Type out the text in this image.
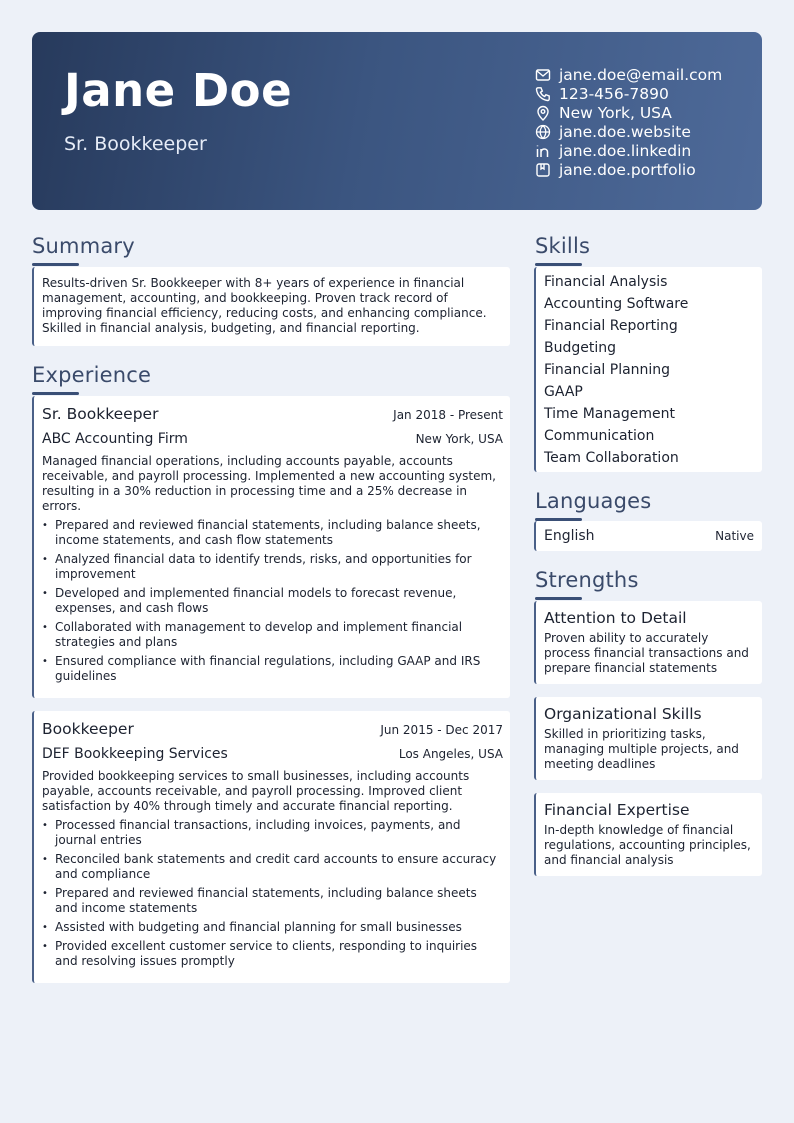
Jane Doe
Sr. Bookkeeper
jane.doe@email.com
123-456-7890
New York, USA
jane.doe.website
jane.doe.linkedin
jane.doe.portfolio
Summary
Results-driven Sr. Bookkeeper with 8+ years of experience in financial management, accounting, and bookkeeping. Proven track record of improving financial efficiency, reducing costs, and enhancing compliance. Skilled in financial analysis, budgeting, and financial reporting.
Experience
Sr. Bookkeeper	Jan 2018 - Present
ABC Accounting Firm	New York, USA
Managed financial operations, including accounts payable, accounts receivable, and payroll processing. Implemented a new accounting system, resulting in a 30% reduction in processing time and a 25% decrease in errors.
• Prepared and reviewed financial statements, including balance sheets, income statements, and cash flow statements
• Analyzed financial data to identify trends, risks, and opportunities for improvement
• Developed and implemented financial models to forecast revenue, expenses, and cash flows
• Collaborated with management to develop and implement financial strategies and plans
• Ensured compliance with financial regulations, including GAAP and IRS guidelines
Bookkeeper	Jun 2015 - Dec 2017
DEF Bookkeeping Services	Los Angeles, USA
Provided bookkeeping services to small businesses, including accounts payable, accounts receivable, and payroll processing. Improved client satisfaction by 40% through timely and accurate financial reporting.
• Processed financial transactions, including invoices, payments, and journal entries
• Reconciled bank statements and credit card accounts to ensure accuracy and compliance
• Prepared and reviewed financial statements, including balance sheets and income statements
• Assisted with budgeting and financial planning for small businesses
• Provided excellent customer service to clients, responding to inquiries and resolving issues promptly
Skills
Financial Analysis
Accounting Software
Financial Reporting
Budgeting
Financial Planning
GAAP
Time Management
Communication
Team Collaboration
Languages
English	Native
Strengths
Attention to Detail
Proven ability to accurately process financial transactions and prepare financial statements
Organizational Skills
Skilled in prioritizing tasks, managing multiple projects, and meeting deadlines
Financial Expertise
In-depth knowledge of financial regulations, accounting principles, and financial analysis
